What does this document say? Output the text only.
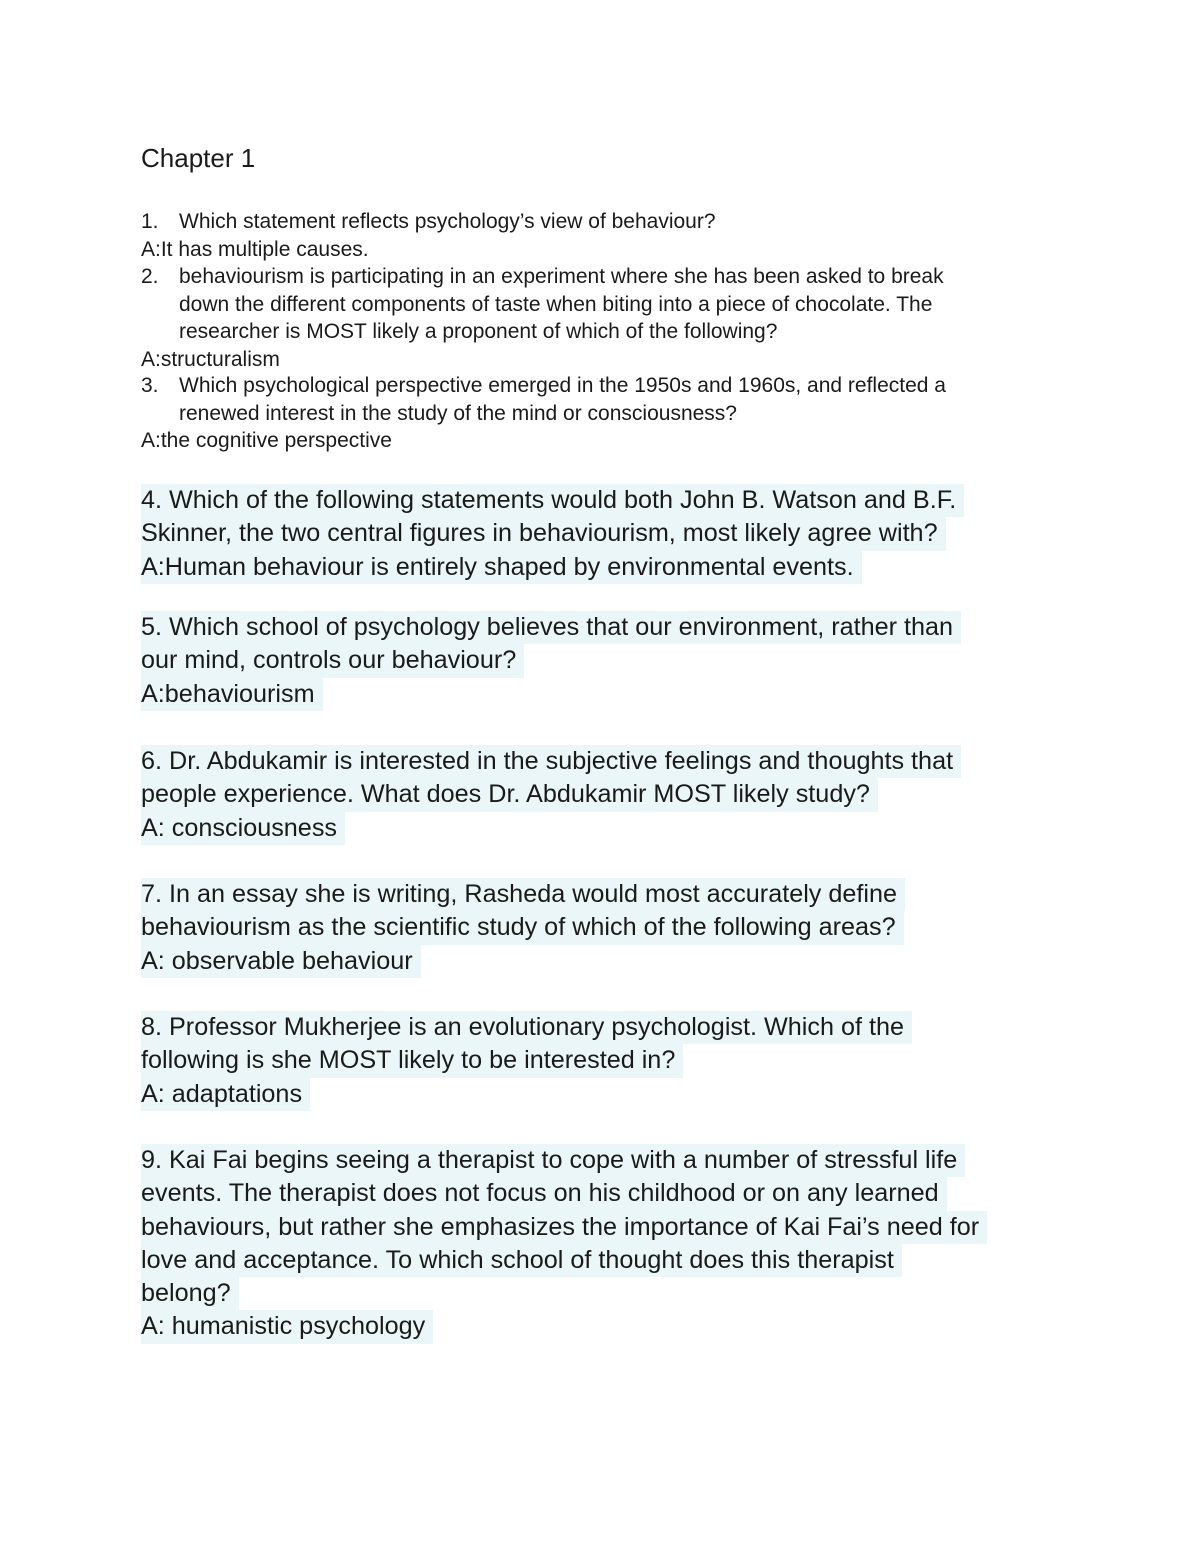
Chapter 1
1. Which statement reflects psychology’s view of behaviour?
A:It has multiple causes.
2. behaviourism is participating in an experiment where she has been asked to break
down the different components of taste when biting into a piece of chocolate. The
researcher is MOST likely a proponent of which of the following?
A:structuralism
3. Which psychological perspective emerged in the 1950s and 1960s, and reflected a
renewed interest in the study of the mind or consciousness?
A:the cognitive perspective
4. Which of the following statements would both John B. Watson and B.F.
Skinner, the two central figures in behaviourism, most likely agree with?
A:Human behaviour is entirely shaped by environmental events.
5. Which school of psychology believes that our environment, rather than
our mind, controls our behaviour?
A:behaviourism
6. Dr. Abdukamir is interested in the subjective feelings and thoughts that
people experience. What does Dr. Abdukamir MOST likely study?
A: consciousness
7. In an essay she is writing, Rasheda would most accurately define
behaviourism as the scientific study of which of the following areas?
A: observable behaviour
8. Professor Mukherjee is an evolutionary psychologist. Which of the
following is she MOST likely to be interested in?
A: adaptations
9. Kai Fai begins seeing a therapist to cope with a number of stressful life
events. The therapist does not focus on his childhood or on any learned
behaviours, but rather she emphasizes the importance of Kai Fai’s need for
love and acceptance. To which school of thought does this therapist
belong?
A: humanistic psychology
